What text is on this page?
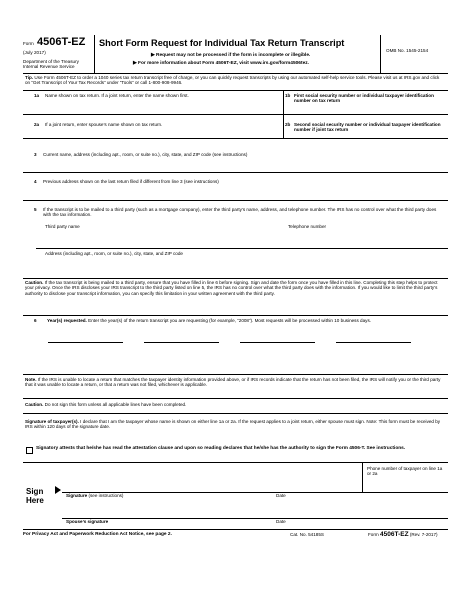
Form 4506T-EZ
(July 2017)
Department of the Treasury
Internal Revenue Service
Short Form Request for Individual Tax Return Transcript
▶ Request may not be processed if the form is incomplete or illegible.
▶ For more information about Form 4506T-EZ, visit www.irs.gov/form4506tez.
OMB No. 1545-2154
Tip. Use Form 4506T-EZ to order a 1040 series tax return transcript free of charge, or you can quickly request transcripts by using our automated self-help service tools. Please visit us at IRS.gov and click on “Get Transcript of Your Tax Records” under “Tools” or call 1-800-908-9946.
1a Name shown on tax return. If a joint return, enter the name shown first.	1b First social security number or individual taxpayer identification number on tax return
2a If a joint return, enter spouse’s name shown on tax return.	2b Second social security number or individual taxpayer identification number if joint tax return
3 Current name, address (including apt., room, or suite no.), city, state, and ZIP code (see instructions)
4 Previous address shown on the last return filed if different from line 3 (see instructions)
5 If the transcript is to be mailed to a third party (such as a mortgage company), enter the third party’s name, address, and telephone number. The IRS has no control over what the third party does with the tax information.
Third party name	Telephone number
Address (including apt., room, or suite no.), city, state, and ZIP code
Caution. If the tax transcript is being mailed to a third party, ensure that you have filled in line 6 before signing. Sign and date the form once you have filled in this line. Completing this step helps to protect your privacy. Once the IRS discloses your IRS transcript to the third party listed on line 5, the IRS has no control over what the third party does with the information. If you would like to limit the third party’s authority to disclose your transcript information, you can specify this limitation in your written agreement with the third party.
6 Year(s) requested. Enter the year(s) of the return transcript you are requesting (for example, “2008”). Most requests will be processed within 10 business days.
Note. If the IRS is unable to locate a return that matches the taxpayer identity information provided above, or if IRS records indicate that the return has not been filed, the IRS will notify you or the third party that it was unable to locate a return, or that a return was not filed, whichever is applicable.
Caution. Do not sign this form unless all applicable lines have been completed.
Signature of taxpayer(s). I declare that I am the taxpayer whose name is shown on either line 1a or 2a. If the request applies to a joint return, either spouse must sign. Note: This form must be received by IRS within 120 days of the signature date.
Signatory attests that he/she has read the attestation clause and upon so reading declares that he/she has the authority to sign the Form 4506-T. See instructions.
Sign
Here
Phone number of taxpayer on line 1a or 2a
Signature (see instructions)	Date
Spouse’s signature	Date
For Privacy Act and Paperwork Reduction Act Notice, see page 2.	Cat. No. 54185S	Form 4506T-EZ (Rev. 7-2017)
